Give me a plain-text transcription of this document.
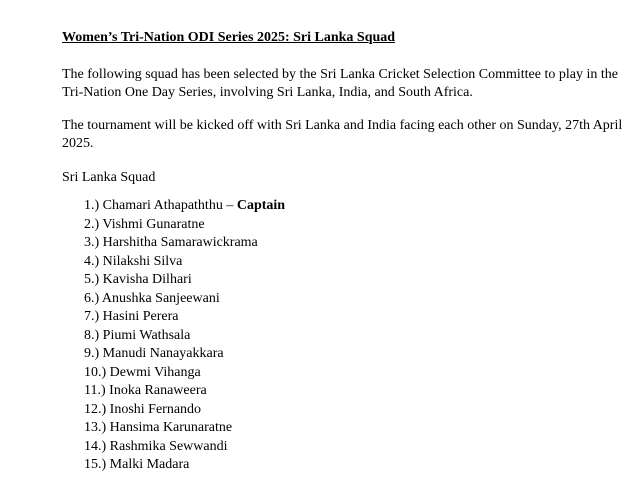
Women’s Tri-Nation ODI Series 2025: Sri Lanka Squad
The following squad has been selected by the Sri Lanka Cricket Selection Committee to play in the Tri-Nation One Day Series, involving Sri Lanka, India, and South Africa.
The tournament will be kicked off with Sri Lanka and India facing each other on Sunday, 27th April 2025.
Sri Lanka Squad
1.) Chamari Athapaththu – Captain
2.) Vishmi Gunaratne
3.) Harshitha Samarawickrama
4.) Nilakshi Silva
5.) Kavisha Dilhari
6.) Anushka Sanjeewani
7.) Hasini Perera
8.) Piumi Wathsala
9.) Manudi Nanayakkara
10.) Dewmi Vihanga
11.) Inoka Ranaweera
12.) Inoshi Fernando
13.) Hansima Karunaratne
14.) Rashmika Sewwandi
15.) Malki Madara
